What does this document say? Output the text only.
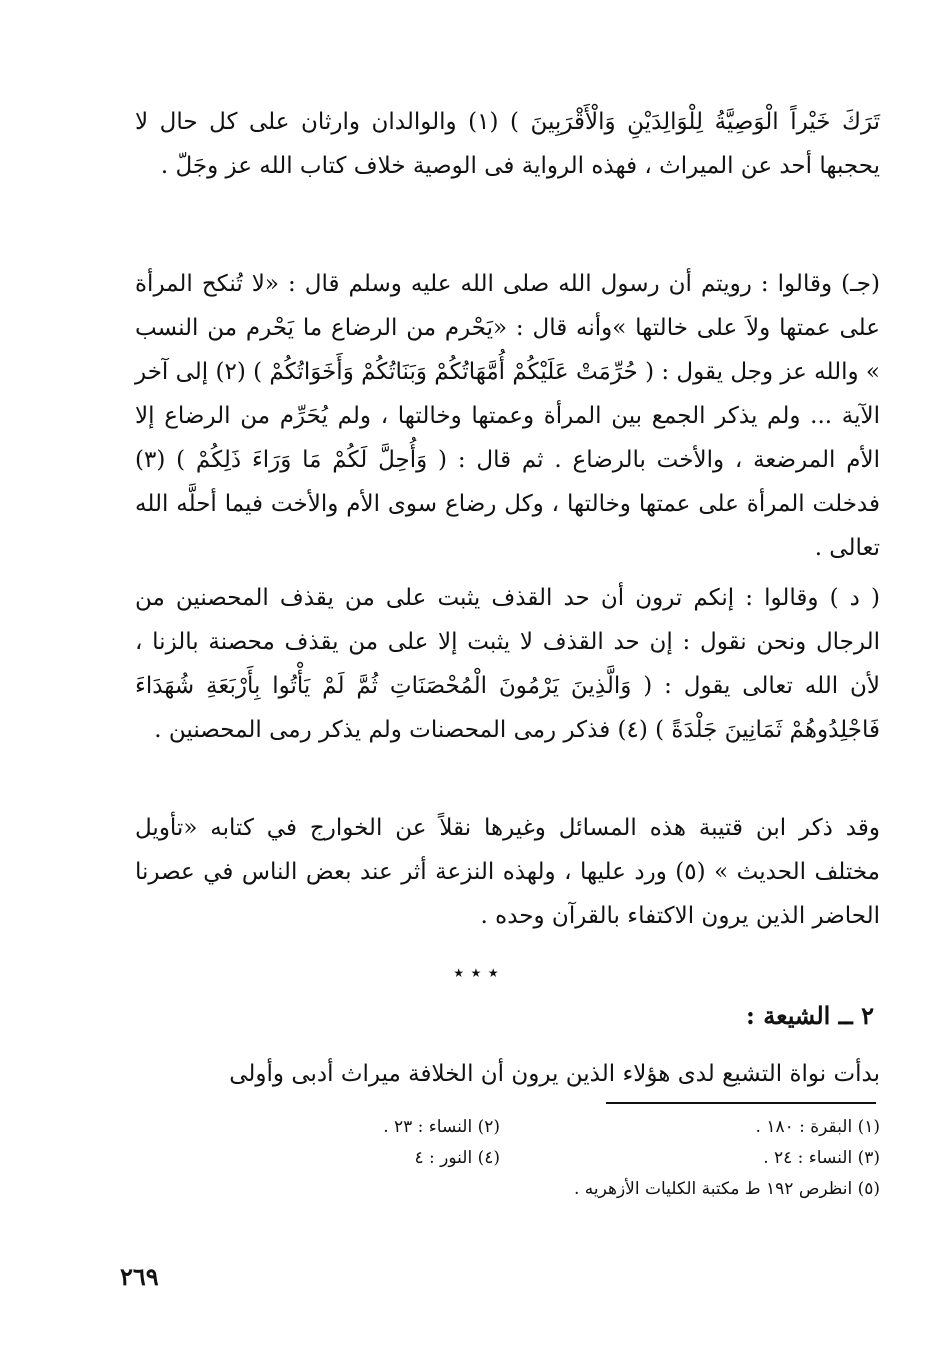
تَرَكَ خَيْراً الْوَصِيَّةُ لِلْوَالِدَيْنِ وَالْأَقْرَبِينَ ) (١) والوالدان وارثان على كل حال لا يحجبها أحد عن الميراث ، فهذه الرواية فى الوصية خلاف كتاب الله عز وجَلّ .
(جـ) وقالوا : رويتم أن رسول الله صلى الله عليه وسلم قال : «لا تُنكح المرأة على عمتها ولاَ على خالتها »وأنه قال : «يَحْرم من الرضاع ما يَحْرم من النسب » والله عز وجل يقول : ( حُرِّمَتْ عَلَيْكُمْ أُمَّهَاتُكُمْ وَبَنَاتُكُمْ وَأَخَوَاتُكُمْ ) (٢) إلى آخر الآية ... ولم يذكر الجمع بين المرأة وعمتها وخالتها ، ولم يُحَرِّم من الرضاع إلا الأم المرضعة ، والأخت بالرضاع . ثم قال : ( وَأُحِلَّ لَكُمْ مَا وَرَاءَ ذَلِكُمْ ) (٣) فدخلت المرأة على عمتها وخالتها ، وكل رضاع سوى الأم والأخت فيما أحلَّه الله تعالى .
( د ) وقالوا : إنكم ترون أن حد القذف يثبت على من يقذف المحصنين من الرجال ونحن نقول : إن حد القذف لا يثبت إلا على من يقذف محصنة بالزنا ، لأن الله تعالى يقول : ( وَالَّذِينَ يَرْمُونَ الْمُحْصَنَاتِ ثُمَّ لَمْ يَأْتُوا بِأَرْبَعَةِ شُهَدَاءَ فَاجْلِدُوهُمْ ثَمَانِينَ جَلْدَةً ) (٤) فذكر رمى المحصنات ولم يذكر رمى المحصنين .
وقد ذكر ابن قتيبة هذه المسائل وغيرها نقلاً عن الخوارج في كتابه «تأويل مختلف الحديث » (٥) ورد عليها ، ولهذه النزعة أثر عند بعض الناس في عصرنا الحاضر الذين يرون الاكتفاء بالقرآن وحده .
٭ ٭ ٭
٢ ــ الشيعة :
بدأت نواة التشيع لدى هؤلاء الذين يرون أن الخلافة ميراث أدبى وأولى
(١) البقرة : ١٨٠ .
(٢) النساء : ٢٣ .
(٣) النساء : ٢٤ .
(٤) النور : ٤
(٥) انظرص ١٩٢ ط مكتبة الكليات الأزهريه .
٢٦٩
